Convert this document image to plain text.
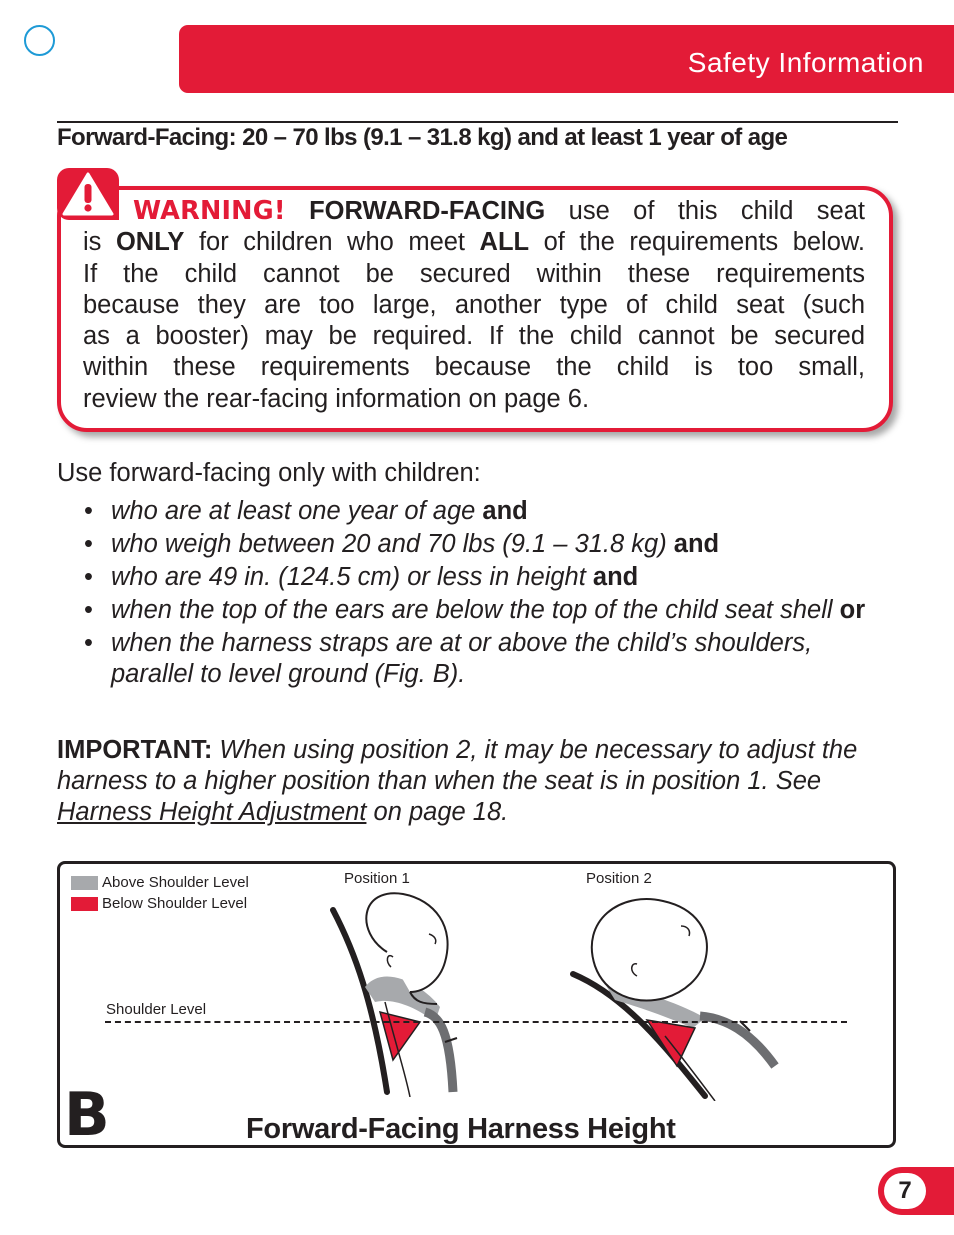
Safety Information
Forward-Facing: 20 – 70 lbs (9.1 – 31.8 kg) and at least 1 year of age
WARNING! FORWARD-FACING use of this child seat
is ONLY for children who meet ALL of the requirements below.
If the child cannot be secured within these requirements
because they are too large, another type of child seat (such
as a booster) may be required. If the child cannot be secured
within these requirements because the child is too small,
review the rear-facing information on page 6.
Use forward-facing only with children:
• who are at least one year of age and
• who weigh between 20 and 70 lbs (9.1 – 31.8 kg) and
• who are 49 in. (124.5 cm) or less in height and
• when the top of the ears are below the top of the child seat shell or
• when the harness straps are at or above the child’s shoulders, parallel to level ground (Fig. B).
IMPORTANT: When using position 2, it may be necessary to adjust the harness to a higher position than when the seat is in position 1. See Harness Height Adjustment on page 18.
Above Shoulder Level
Below Shoulder Level
Position 1	Position 2
Shoulder Level
B	Forward-Facing Harness Height
7
